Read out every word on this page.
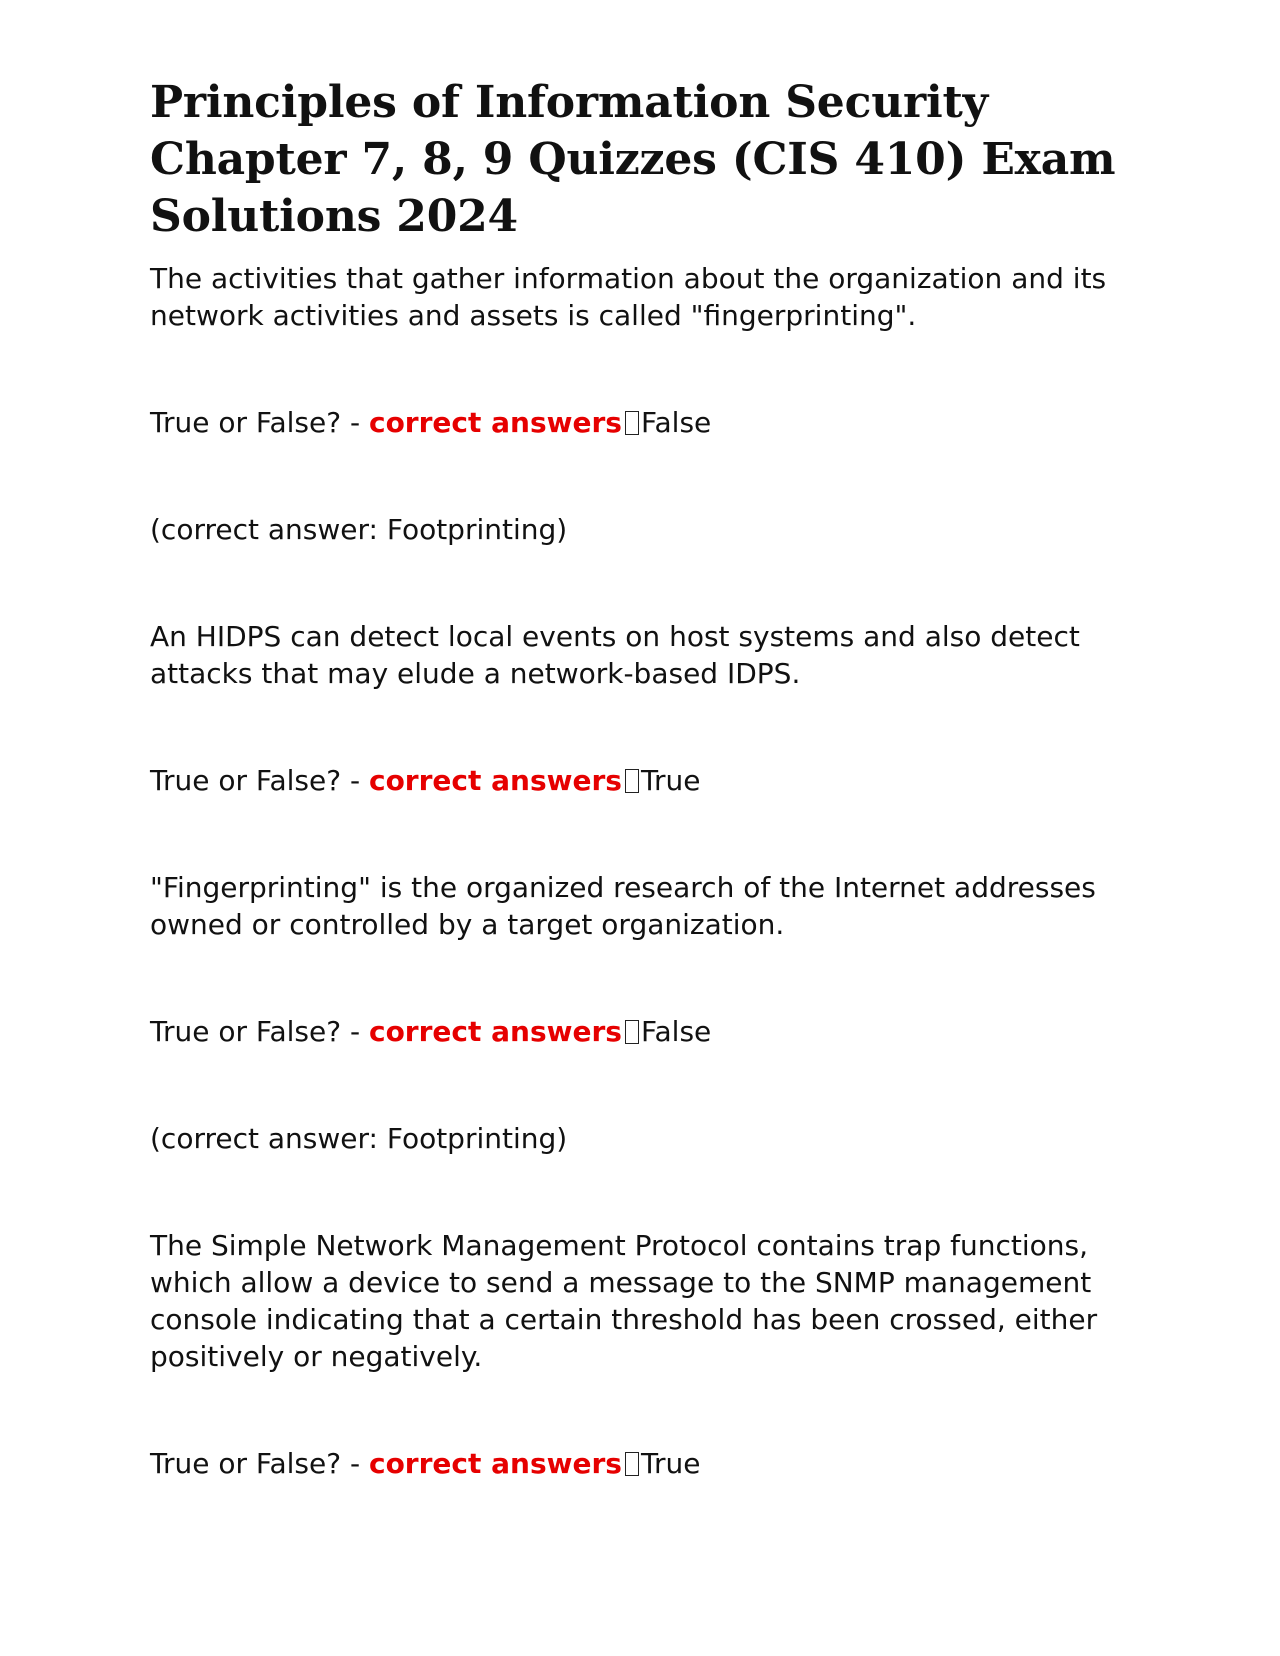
Principles of Information Security Chapter 7, 8, 9 Quizzes (CIS 410) Exam Solutions 2024

The activities that gather information about the organization and its network activities and assets is called "fingerprinting".

True or False? - correct answers False

(correct answer: Footprinting)

An HIDPS can detect local events on host systems and also detect attacks that may elude a network-based IDPS.

True or False? - correct answers True

"Fingerprinting" is the organized research of the Internet addresses owned or controlled by a target organization.

True or False? - correct answers False

(correct answer: Footprinting)

The Simple Network Management Protocol contains trap functions, which allow a device to send a message to the SNMP management console indicating that a certain threshold has been crossed, either positively or negatively.

True or False? - correct answers True
